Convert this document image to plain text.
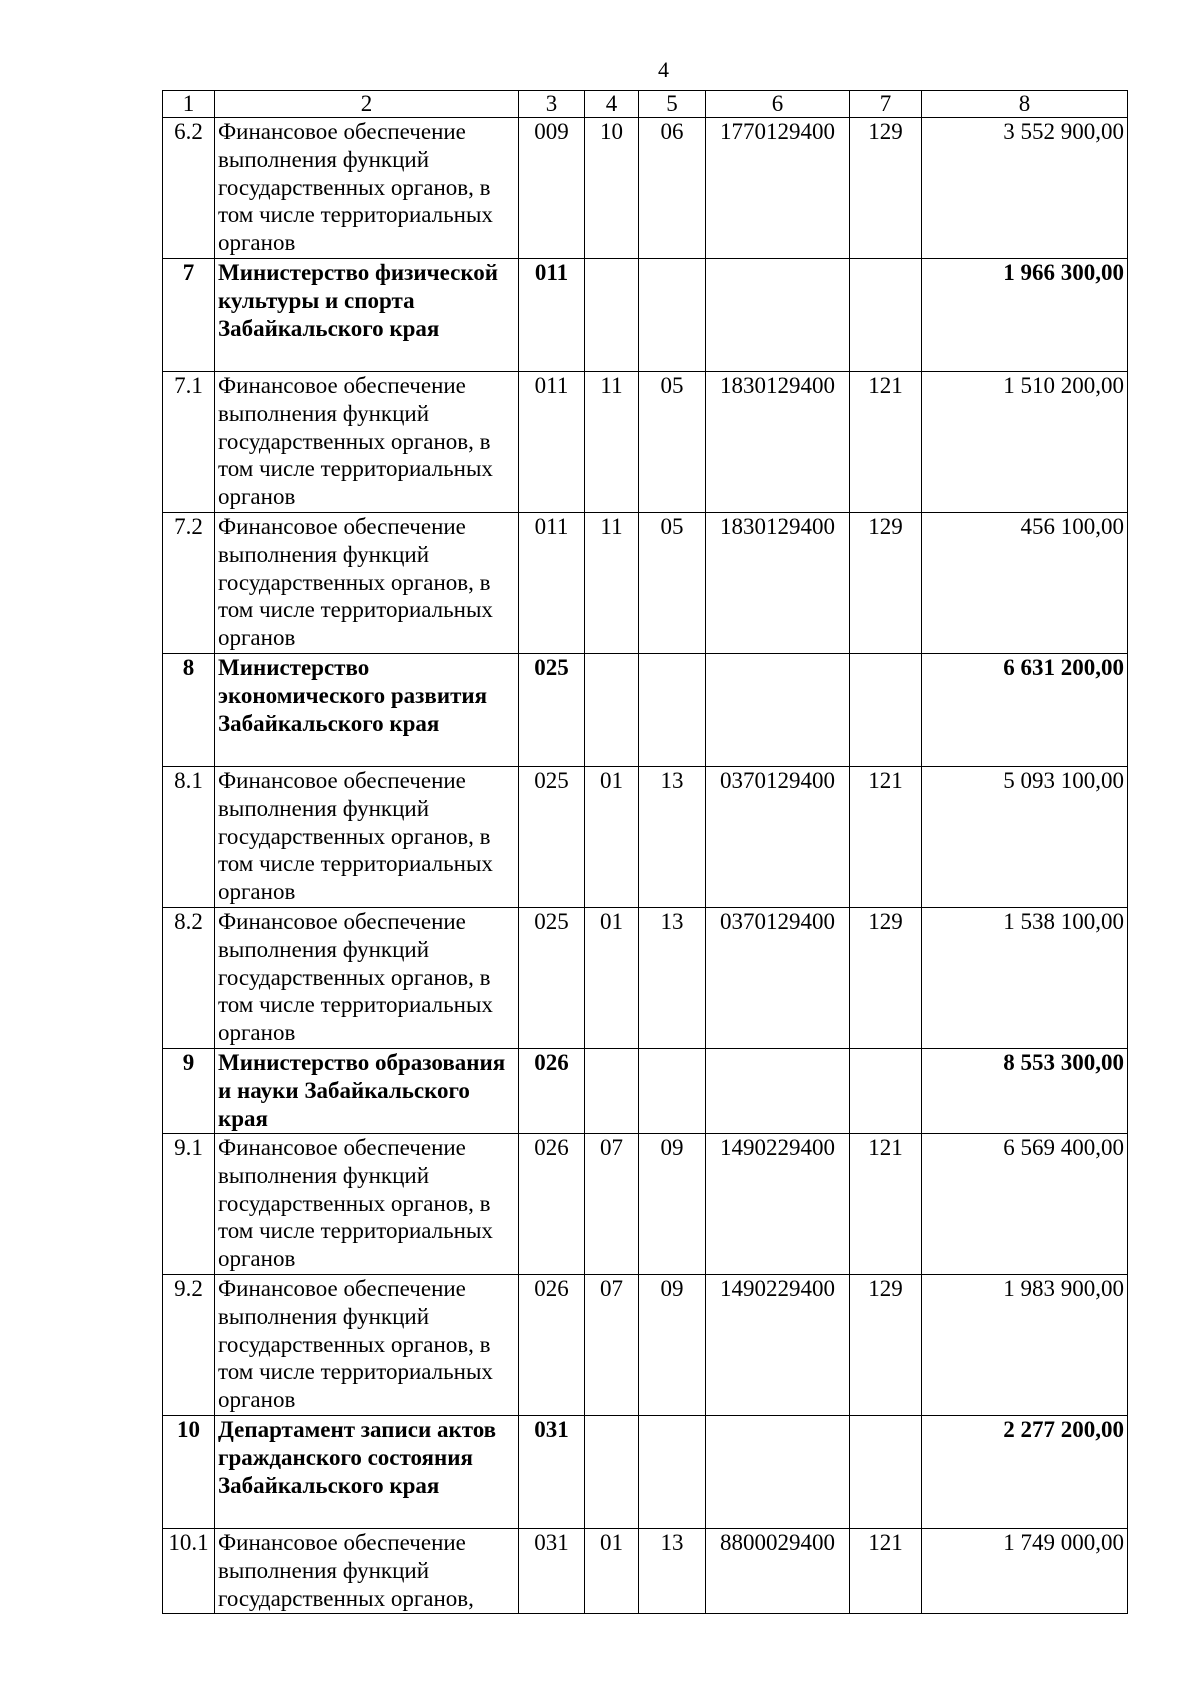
4
1	2	3	4	5	6	7	8
6.2	Финансовое обеспечение выполнения функций государственных органов, в том числе территориальных органов	009	10	06	1770129400	129	3 552 900,00
7	Министерство физической культуры и спорта Забайкальского края	011					1 966 300,00
7.1	Финансовое обеспечение выполнения функций государственных органов, в том числе территориальных органов	011	11	05	1830129400	121	1 510 200,00
7.2	Финансовое обеспечение выполнения функций государственных органов, в том числе территориальных органов	011	11	05	1830129400	129	456 100,00
8	Министерство экономического развития Забайкальского края	025					6 631 200,00
8.1	Финансовое обеспечение выполнения функций государственных органов, в том числе территориальных органов	025	01	13	0370129400	121	5 093 100,00
8.2	Финансовое обеспечение выполнения функций государственных органов, в том числе территориальных органов	025	01	13	0370129400	129	1 538 100,00
9	Министерство образования и науки Забайкальского края	026					8 553 300,00
9.1	Финансовое обеспечение выполнения функций государственных органов, в том числе территориальных органов	026	07	09	1490229400	121	6 569 400,00
9.2	Финансовое обеспечение выполнения функций государственных органов, в том числе территориальных органов	026	07	09	1490229400	129	1 983 900,00
10	Департамент записи актов гражданского состояния Забайкальского края	031					2 277 200,00
10.1	Финансовое обеспечение выполнения функций государственных органов,	031	01	13	8800029400	121	1 749 000,00
